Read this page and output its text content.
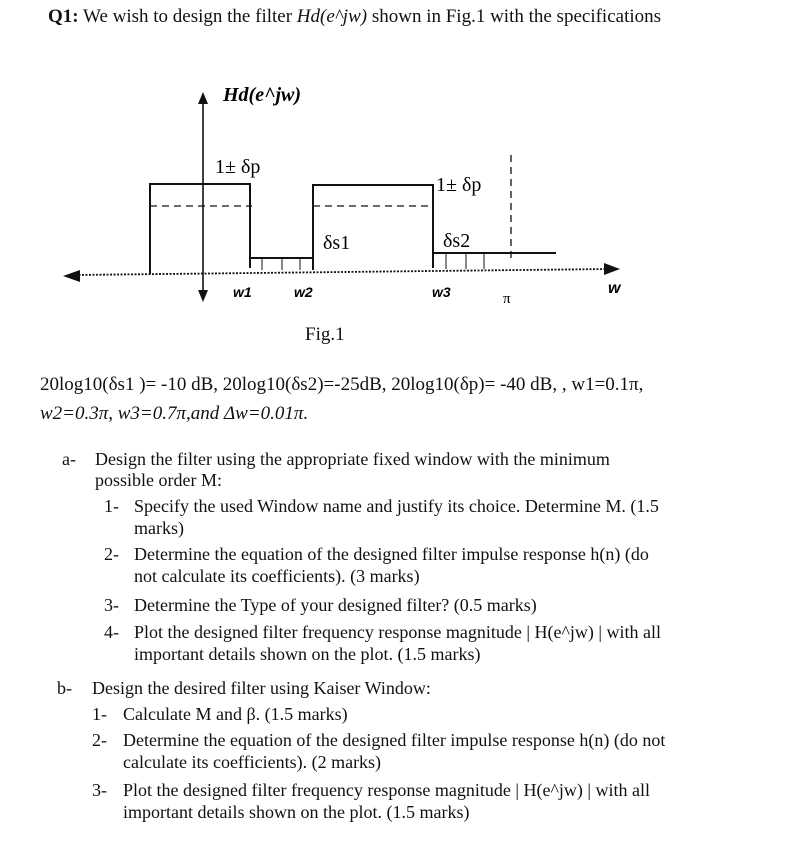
Q1: We wish to design the filter Hd(e^jw) shown in Fig.1 with the specifications
Hd(e^jw)
1± δp
1± δp
δs1	δs2
w
w1	w2	w3	π
Fig.1
20log10(δs1 )= -10 dB, 20log10(δs2)=-25dB, 20log10(δp)= -40 dB, , w1=0.1π,
w2=0.3π, w3=0.7π,and Δw=0.01π.
a- Design the filter using the appropriate fixed window with the minimum
possible order M:
1- Specify the used Window name and justify its choice. Determine M. (1.5
marks)
2- Determine the equation of the designed filter impulse response h(n) (do
not calculate its coefficients). (3 marks)
3- Determine the Type of your designed filter? (0.5 marks)
4- Plot the designed filter frequency response magnitude | H(e^jw) | with all
important details shown on the plot. (1.5 marks)
b- Design the desired filter using Kaiser Window:
1- Calculate M and β. (1.5 marks)
2- Determine the equation of the designed filter impulse response h(n) (do not
calculate its coefficients). (2 marks)
3- Plot the designed filter frequency response magnitude | H(e^jw) | with all
important details shown on the plot. (1.5 marks)
